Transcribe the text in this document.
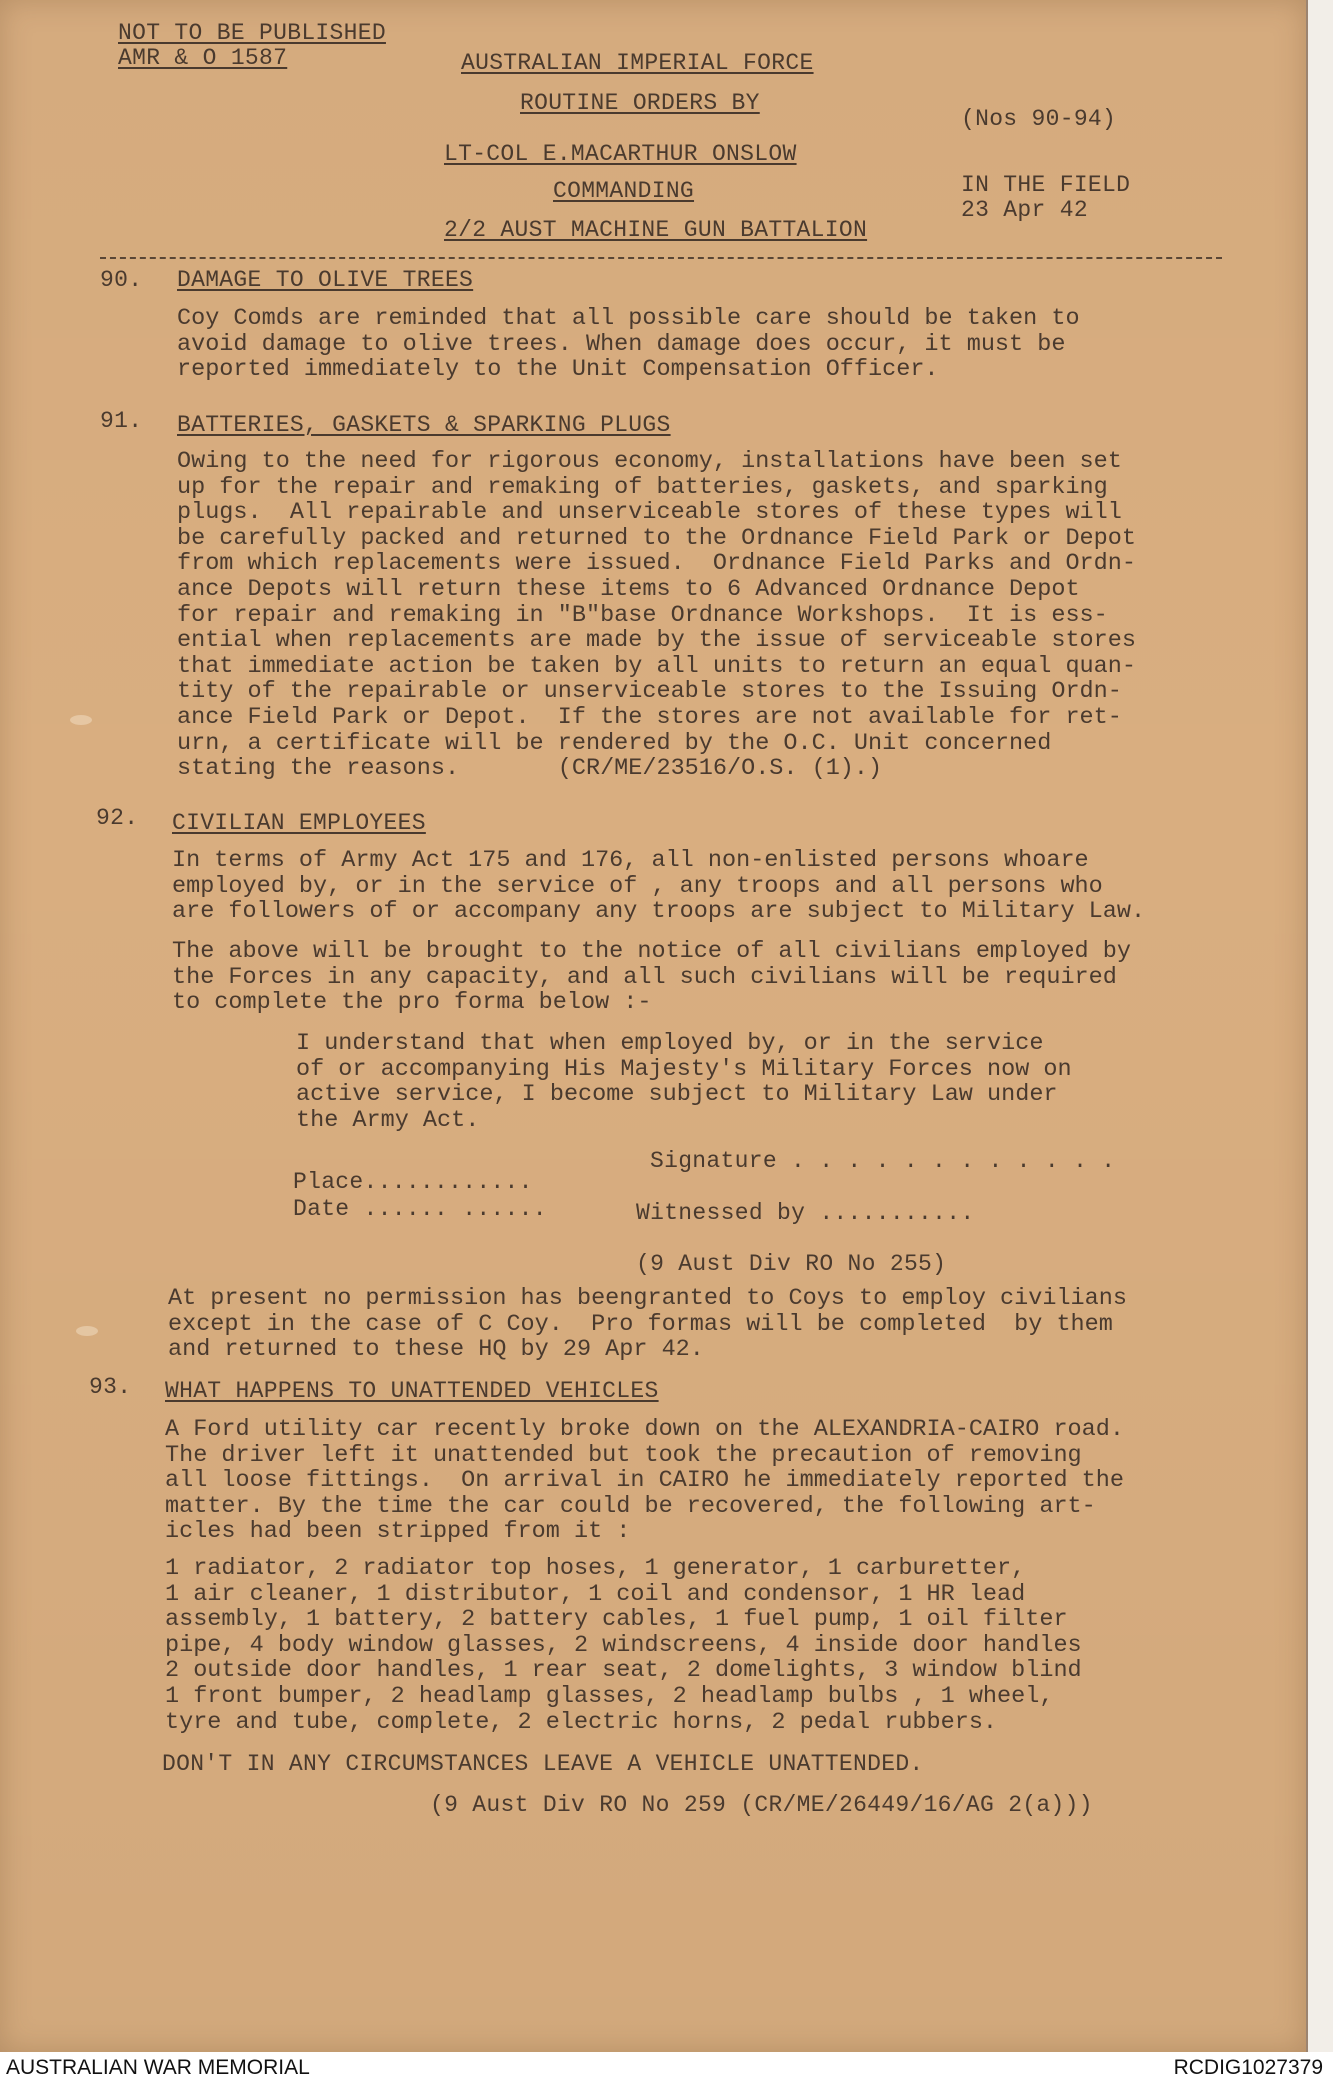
NOT TO BE PUBLISHED
AMR & O 1587	AUSTRALIAN IMPERIAL FORCE
ROUTINE ORDERS BY
LT-COL E.MACARTHUR ONSLOW
COMMANDING
2/2 AUST MACHINE GUN BATTALION
(Nos 90-94)
IN THE FIELD
23 Apr 42
90. DAMAGE TO OLIVE TREES
Coy Comds are reminded that all possible care should be taken to
avoid damage to olive trees. When damage does occur, it must be
reported immediately to the Unit Compensation Officer.
91. BATTERIES, GASKETS & SPARKING PLUGS
Owing to the need for rigorous economy, installations have been set
up for the repair and remaking of batteries, gaskets, and sparking
plugs.  All repairable and unserviceable stores of these types will
be carefully packed and returned to the Ordnance Field Park or Depot
from which replacements were issued.  Ordnance Field Parks and Ordn-
ance Depots will return these items to 6 Advanced Ordnance Depot
for repair and remaking in "B"base Ordnance Workshops.  It is ess-
ential when replacements are made by the issue of serviceable stores
that immediate action be taken by all units to return an equal quan-
tity of the repairable or unserviceable stores to the Issuing Ordn-
ance Field Park or Depot.  If the stores are not available for ret-
urn, a certificate will be rendered by the O.C. Unit concerned
stating the reasons.       (CR/ME/23516/O.S. (1).)
92. CIVILIAN EMPLOYEES
In terms of Army Act 175 and 176, all non-enlisted persons whoare
employed by, or in the service of , any troops and all persons who
are followers of or accompany any troops are subject to Military Law.
The above will be brought to the notice of all civilians employed by
the Forces in any capacity, and all such civilians will be required
to complete the pro forma below :-
I understand that when employed by, or in the service
of or accompanying His Majesty's Military Forces now on
active service, I become subject to Military Law under
the Army Act.
Signature . . . . . . . . . . . .
Place............
Date ...... ......	Witnessed by ...........
(9 Aust Div RO No 255)
At present no permission has beengranted to Coys to employ civilians
except in the case of C Coy.  Pro formas will be completed  by them
and returned to these HQ by 29 Apr 42.
93. WHAT HAPPENS TO UNATTENDED VEHICLES
A Ford utility car recently broke down on the ALEXANDRIA-CAIRO road.
The driver left it unattended but took the precaution of removing
all loose fittings.  On arrival in CAIRO he immediately reported the
matter. By the time the car could be recovered, the following art-
icles had been stripped from it :
1 radiator, 2 radiator top hoses, 1 generator, 1 carburetter,
1 air cleaner, 1 distributor, 1 coil and condensor, 1 HR lead
assembly, 1 battery, 2 battery cables, 1 fuel pump, 1 oil filter
pipe, 4 body window glasses, 2 windscreens, 4 inside door handles
2 outside door handles, 1 rear seat, 2 domelights, 3 window blind
1 front bumper, 2 headlamp glasses, 2 headlamp bulbs , 1 wheel,
tyre and tube, complete, 2 electric horns, 2 pedal rubbers.
DON'T IN ANY CIRCUMSTANCES LEAVE A VEHICLE UNATTENDED.
(9 Aust Div RO No 259 (CR/ME/26449/16/AG 2(a)))
AUSTRALIAN WAR MEMORIAL	RCDIG1027379
